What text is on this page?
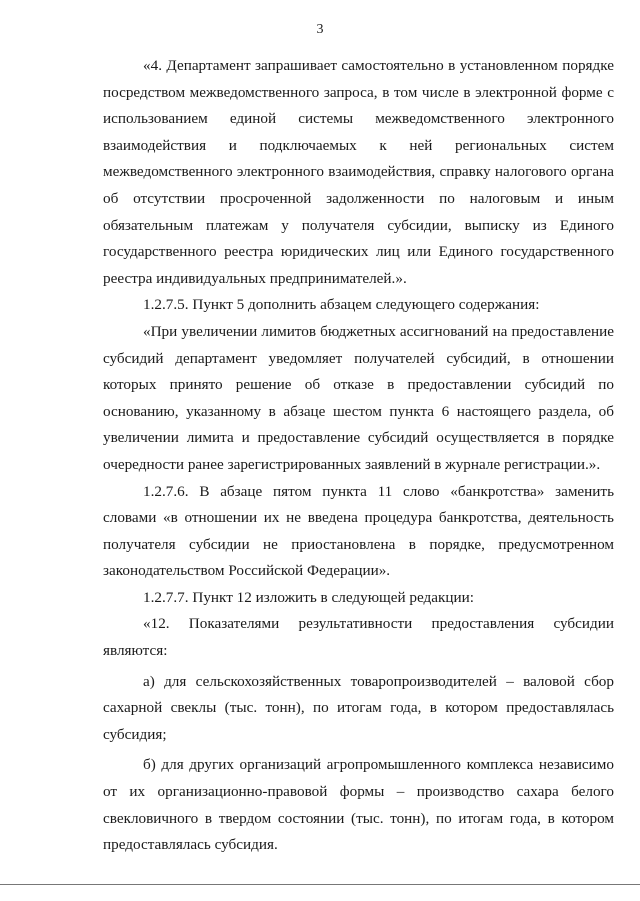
3

«4. Департамент запрашивает самостоятельно в установленном порядке посредством межведомственного запроса, в том числе в электронной форме с использованием единой системы межведомственного электронного взаимодействия и подключаемых к ней региональных систем межведомственного электронного взаимодействия, справку налогового органа об отсутствии просроченной задолженности по налоговым и иным обязательным платежам у получателя субсидии, выписку из Единого государственного реестра юридических лиц или Единого государственного реестра индивидуальных предпринимателей.».

1.2.7.5. Пункт 5 дополнить абзацем следующего содержания:

«При увеличении лимитов бюджетных ассигнований на предоставление субсидий департамент уведомляет получателей субсидий, в отношении которых принято решение об отказе в предоставлении субсидий по основанию, указанному в абзаце шестом пункта 6 настоящего раздела, об увеличении лимита и предоставление субсидий осуществляется в порядке очередности ранее зарегистрированных заявлений в журнале регистрации.».

1.2.7.6. В абзаце пятом пункта 11 слово «банкротства» заменить словами «в отношении их не введена процедура банкротства, деятельность получателя субсидии не приостановлена в порядке, предусмотренном законодательством Российской Федерации».

1.2.7.7. Пункт 12 изложить в следующей редакции:

«12. Показателями результативности предоставления субсидии являются:

а) для сельскохозяйственных товаропроизводителей – валовой сбор сахарной свеклы (тыс. тонн), по итогам года, в котором предоставлялась субсидия;

б) для других организаций агропромышленного комплекса независимо от их организационно-правовой формы – производство сахара белого свекловичного в твердом состоянии (тыс. тонн), по итогам года, в котором предоставлялась субсидия.
